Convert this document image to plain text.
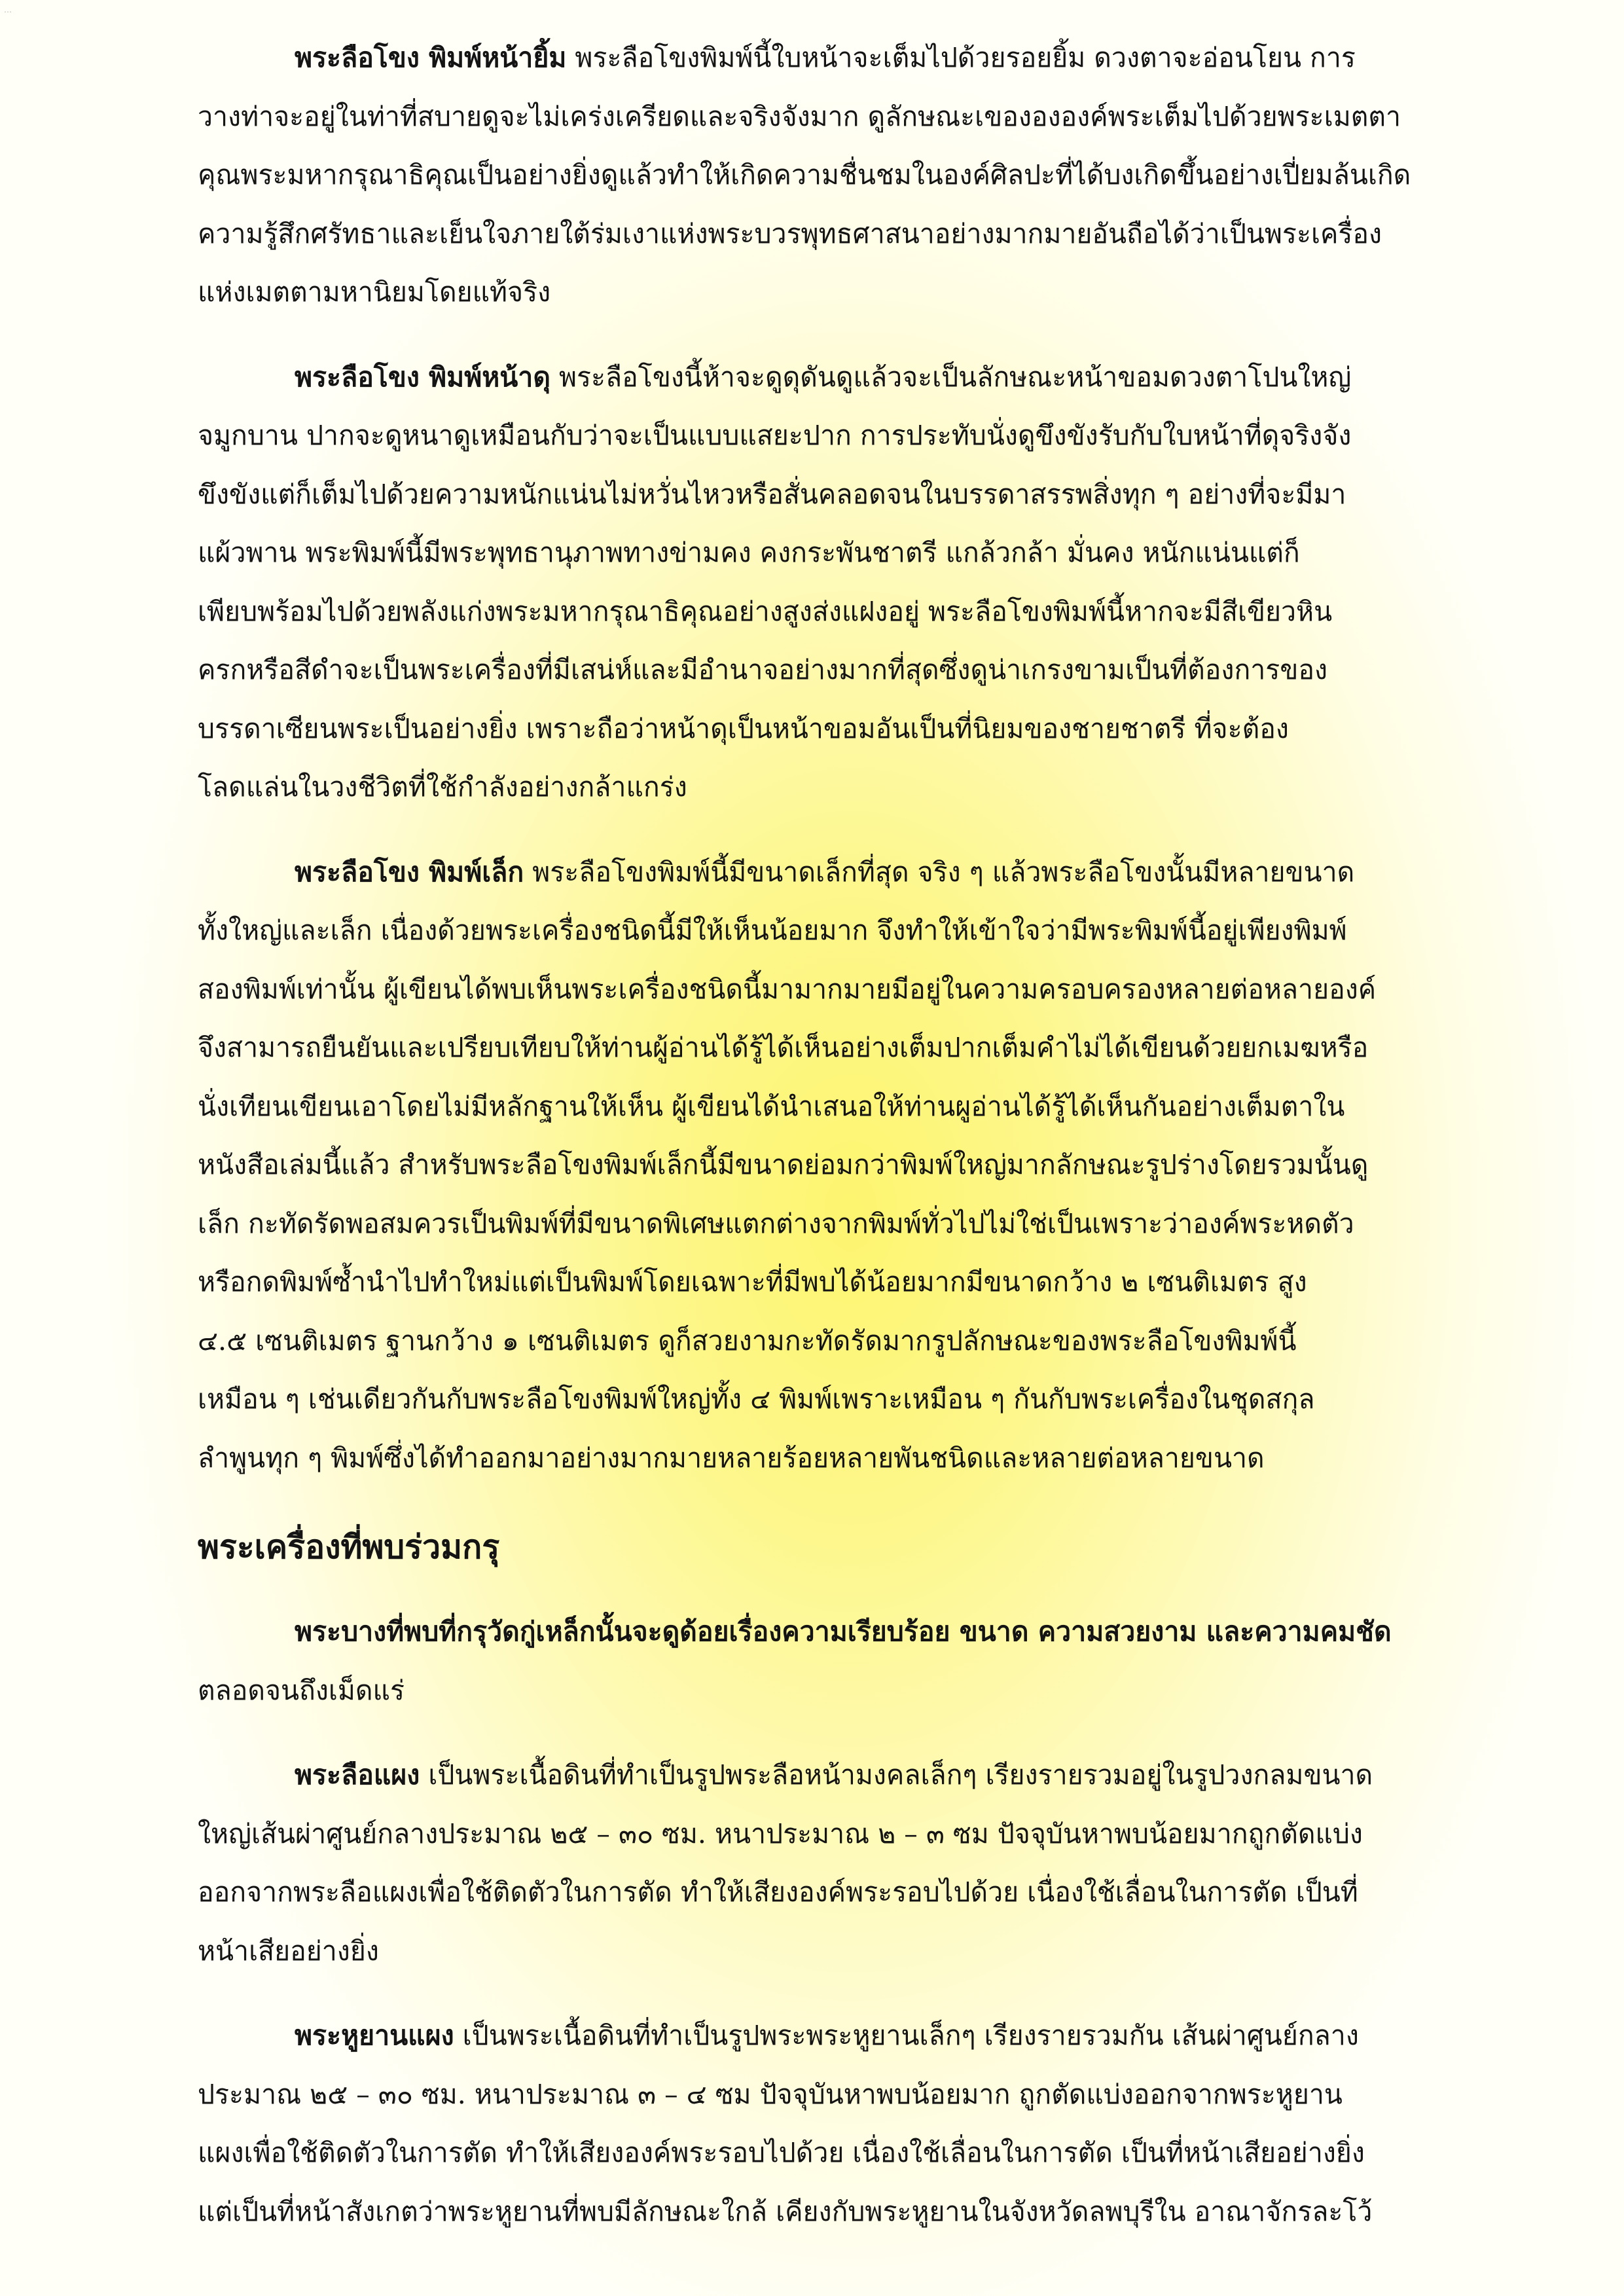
…

พระลือโขง พิมพ์หน้ายิ้ม พระลือโขงพิมพ์นี้ใบหน้าจะเต็มไปด้วยรอยยิ้ม ดวงตาจะอ่อนโยน การ
วางท่าจะอยู่ในท่าที่สบายดูจะไม่เคร่งเครียดและจริงจังมาก ดูลักษณะเของององค์พระเต็มไปด้วยพระเมตตา
คุณพระมหากรุณาธิคุณเป็นอย่างยิ่งดูแล้วทำให้เกิดความชื่นชมในองค์ศิลปะที่ได้บงเกิดขึ้นอย่างเปี่ยมล้นเกิด
ความรู้สึกศรัทธาและเย็นใจภายใต้ร่มเงาแห่งพระบวรพุทธศาสนาอย่างมากมายอันถือได้ว่าเป็นพระเครื่อง
แห่งเมตตามหานิยมโดยแท้จริง

พระลือโขง พิมพ์หน้าดุ พระลือโขงนี้ห้าจะดูดุดันดูแล้วจะเป็นลักษณะหน้าขอมดวงตาโปนใหญ่
จมูกบาน ปากจะดูหนาดูเหมือนกับว่าจะเป็นแบบแสยะปาก การประทับนั่งดูขึงขังรับกับใบหน้าที่ดุจริงจัง
ขึงขังแต่ก็เต็มไปด้วยความหนักแน่นไม่หวั่นไหวหรือสั่นคลอดจนในบรรดาสรรพสิ่งทุก ๆ อย่างที่จะมีมา
แผ้วพาน พระพิมพ์นี้มีพระพุทธานุภาพทางข่ามคง คงกระพันชาตรี แกล้วกล้า มั่นคง หนักแน่นแต่ก็
เพียบพร้อมไปด้วยพลังแก่งพระมหากรุณาธิคุณอย่างสูงส่งแฝงอยู่ พระลือโขงพิมพ์นี้หากจะมีสีเขียวหิน
ครกหรือสีดำจะเป็นพระเครื่องที่มีเสน่ห์และมีอำนาจอย่างมากที่สุดซึ่งดูน่าเกรงขามเป็นที่ต้องการของ
บรรดาเซียนพระเป็นอย่างยิ่ง เพราะถือว่าหน้าดุเป็นหน้าขอมอันเป็นที่นิยมของชายชาตรี ที่จะต้อง
โลดแล่นในวงชีวิตที่ใช้กำลังอย่างกล้าแกร่ง

พระลือโขง พิมพ์เล็ก พระลือโขงพิมพ์นี้มีขนาดเล็กที่สุด จริง ๆ แล้วพระลือโขงนั้นมีหลายขนาด
ทั้งใหญ่และเล็ก เนื่องด้วยพระเครื่องชนิดนี้มีให้เห็นน้อยมาก จึงทำให้เข้าใจว่ามีพระพิมพ์นี้อยู่เพียงพิมพ์
สองพิมพ์เท่านั้น ผู้เขียนได้พบเห็นพระเครื่องชนิดนี้มามากมายมีอยู่ในความครอบครองหลายต่อหลายองค์
จึงสามารถยืนยันและเปรียบเทียบให้ท่านผู้อ่านได้รู้ได้เห็นอย่างเต็มปากเต็มคำไม่ได้เขียนด้วยยกเมฆหรือ
นั่งเทียนเขียนเอาโดยไม่มีหลักฐานให้เห็น ผู้เขียนได้นำเสนอให้ท่านผูอ่านได้รู้ได้เห็นกันอย่างเต็มตาใน
หนังสือเล่มนี้แล้ว สำหรับพระลือโขงพิมพ์เล็กนี้มีขนาดย่อมกว่าพิมพ์ใหญ่มากลักษณะรูปร่างโดยรวมนั้นดู
เล็ก กะทัดรัดพอสมควรเป็นพิมพ์ที่มีขนาดพิเศษแตกต่างจากพิมพ์ทั่วไปไม่ใช่เป็นเพราะว่าองค์พระหดตัว
หรือกดพิมพ์ซ้ำนำไปทำใหม่แต่เป็นพิมพ์โดยเฉพาะที่มีพบได้น้อยมากมีขนาดกว้าง ๒ เซนติเมตร สูง
๔.๕ เซนติเมตร ฐานกว้าง ๑ เซนติเมตร ดูก็สวยงามกะทัดรัดมากรูปลักษณะของพระลือโขงพิมพ์นี้
เหมือน ๆ เช่นเดียวกันกับพระลือโขงพิมพ์ใหญ่ทั้ง ๔ พิมพ์เพราะเหมือน ๆ กันกับพระเครื่องในชุดสกุล
ลำพูนทุก ๆ พิมพ์ซึ่งได้ทำออกมาอย่างมากมายหลายร้อยหลายพันชนิดและหลายต่อหลายขนาด

พระเครื่องที่พบร่วมกรุ

พระบางที่พบที่กรุวัดกู่เหล็กนั้นจะดูด้อยเรื่องความเรียบร้อย ขนาด ความสวยงาม และความคมชัด
ตลอดจนถึงเม็ดแร่

พระลือแผง เป็นพระเนื้อดินที่ทำเป็นรูปพระลือหน้ามงคลเล็กๆ เรียงรายรวมอยู่ในรูปวงกลมขนาด
ใหญ่เส้นผ่าศูนย์กลางประมาณ ๒๕ – ๓๐ ซม. หนาประมาณ ๒ – ๓ ซม ปัจจุบันหาพบน้อยมากถูกตัดแบ่ง
ออกจากพระลือแผงเพื่อใช้ติดตัวในการตัด ทำให้เสียงองค์พระรอบไปด้วย เนื่องใช้เลื่อนในการตัด เป็นที่
หน้าเสียอย่างยิ่ง

พระหูยานแผง เป็นพระเนื้อดินที่ทำเป็นรูปพระพระหูยานเล็กๆ เรียงรายรวมกัน เส้นผ่าศูนย์กลาง
ประมาณ ๒๕ – ๓๐ ซม. หนาประมาณ ๓ – ๔ ซม ปัจจุบันหาพบน้อยมาก ถูกตัดแบ่งออกจากพระหูยาน
แผงเพื่อใช้ติดตัวในการตัด ทำให้เสียงองค์พระรอบไปด้วย เนื่องใช้เลื่อนในการตัด เป็นที่หน้าเสียอย่างยิ่ง
แต่เป็นที่หน้าสังเกตว่าพระหูยานที่พบมีลักษณะใกล้ เคียงกับพระหูยานในจังหวัดลพบุรีใน อาณาจักรละโว้
